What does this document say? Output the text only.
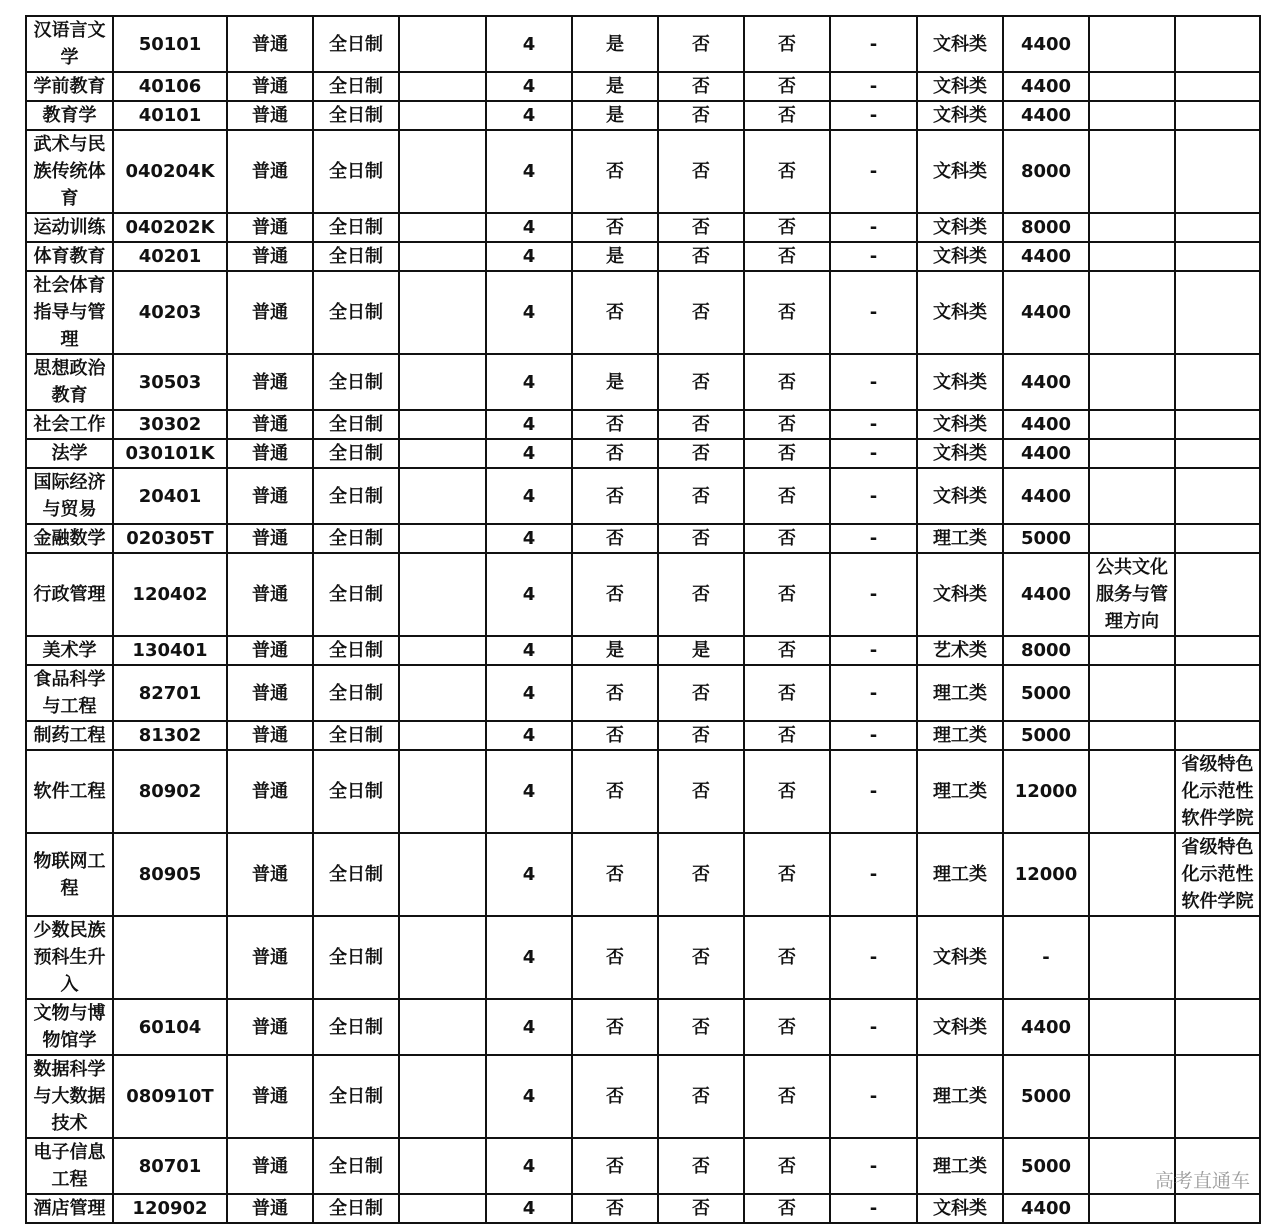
汉语言文学	50101	普通	全日制		4	是	否	否	-	文科类	4400		
学前教育	40106	普通	全日制		4	是	否	否	-	文科类	4400		
教育学	40101	普通	全日制		4	是	否	否	-	文科类	4400		
武术与民族传统体育	040204K	普通	全日制		4	否	否	否	-	文科类	8000		
运动训练	040202K	普通	全日制		4	否	否	否	-	文科类	8000		
体育教育	40201	普通	全日制		4	是	否	否	-	文科类	4400		
社会体育指导与管理	40203	普通	全日制		4	否	否	否	-	文科类	4400		
思想政治教育	30503	普通	全日制		4	是	否	否	-	文科类	4400		
社会工作	30302	普通	全日制		4	否	否	否	-	文科类	4400		
法学	030101K	普通	全日制		4	否	否	否	-	文科类	4400		
国际经济与贸易	20401	普通	全日制		4	否	否	否	-	文科类	4400		
金融数学	020305T	普通	全日制		4	否	否	否	-	理工类	5000		
行政管理	120402	普通	全日制		4	否	否	否	-	文科类	4400	公共文化服务与管理方向	
美术学	130401	普通	全日制		4	是	是	否	-	艺术类	8000		
食品科学与工程	82701	普通	全日制		4	否	否	否	-	理工类	5000		
制药工程	81302	普通	全日制		4	否	否	否	-	理工类	5000		
软件工程	80902	普通	全日制		4	否	否	否	-	理工类	12000		省级特色化示范性软件学院
物联网工程	80905	普通	全日制		4	否	否	否	-	理工类	12000		省级特色化示范性软件学院
少数民族预科生升入		普通	全日制		4	否	否	否	-	文科类	-		
文物与博物馆学	60104	普通	全日制		4	否	否	否	-	文科类	4400		
数据科学与大数据技术	080910T	普通	全日制		4	否	否	否	-	理工类	5000		
电子信息工程	80701	普通	全日制		4	否	否	否	-	理工类	5000		
酒店管理	120902	普通	全日制		4	否	否	否	-	文科类	4400		
高考直通车
